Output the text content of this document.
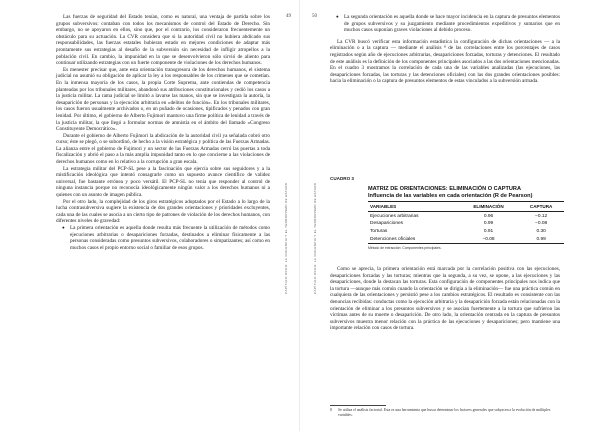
CAPÍTULO OCHO: LA VIOLENCIA Y EL TERRORISMO DE ESTADO
49

Las fuerzas de seguridad del Estado tenían, como es natural, una ventaja de partida sobre los grupos subversivos: contaban con todos los mecanismos de control del Estado de Derecho. Sin embargo, no se apoyaron en ellos, sino que, por el contrario, los consideraron frecuentemente un obstáculo para su actuación. La CVR considera que si la autoridad civil no hubiera abdicado sus responsabilidades, las fuerzas estatales hubieran estado en mejores condiciones de adaptar más prontamente sus estrategias al desafío de la subversión sin necesidad de infligir atropellos a la población civil. En cambio, la impunidad en la que se desenvolvieron sólo sirvió de aliento para continuar utilizando estrategias con un fuerte componente de violaciones de los derechos humanos.

Es menester precisar que, ante esta orientación transgresora de los derechos humanos, el sistema judicial no asumió su obligación de aplicar la ley a los responsables de los crímenes que se cometían. En la inmensa mayoría de los casos, la propia Corte Suprema, ante contiendas de competencia planteadas por los tribunales militares, abandonó sus atribuciones constitucionales y cedió los casos a la justicia militar. La rama judicial se limitó a lavarse las manos, sin que se investigara la autoría, la desaparición de personas y la ejecución arbitraria en «delitos de función». En los tribunales militares, los casos fueron usualmente archivados o, en un puñado de ocasiones, tipificados y penados con gran lenidad. Por último, el gobierno de Alberto Fujimori mantuvo una firme política de lenidad a través de la justicia militar, la que llegó a formular normas de amnistía en el ámbito del llamado «Congreso Constituyente Democrático».

Durante el gobierno de Alberto Fujimori la abdicación de la autoridad civil ya señalada cobró otro curso; éste se plegó, o se subordinó, de hecho a la visión estratégica y política de las Fuerzas Armadas. La alianza entre el gobierno de Fujimori y un sector de las Fuerzas Armadas cerró las puertas a toda fiscalización y abrió el paso a la más amplia impunidad tanto en lo que concierne a las violaciones de derechos humanos como en lo relativo a la corrupción a gran escala.

La estrategia militar del PCP-SL pese a la fascinación que ejercía sobre sus seguidores y a la mistificación ideológica que intentó consagrarle como un supuesto avance científico de validez universal, fue bastante errónea y poco versátil. El PCP-SL no tenía que responder al control de ninguna instancia porque no reconocía ideológicamente ningún valor a los derechos humanos ni a quienes con un asunto de imagen pública.

Por el otro lado, la complejidad de los giros estratégicos adoptados por el Estado a lo largo de la lucha contrasubversiva sugiere la existencia de dos grandes orientaciones y prioridades excluyentes, cada una de las cuales se asocia a un cierto tipo de patrones de violación de los derechos humanos, con diferentes niveles de gravedad:

● La primera orientación es aquella donde resulta más frecuente la utilización de métodos como ejecuciones arbitrarias o desapariciones forzadas, destinados a eliminar físicamente a las personas consideradas como presuntos subversivos, colaboradores o simpatizantes; así como en muchos casos el propio entorno social o familiar de esos grupos.
50
CAPÍTULO OCHO: LA VIOLENCIA Y EL TERRORISMO DE ESTADO
● La segunda orientación es aquella donde se hace mayor incidencia en la captura de presuntos elementos de grupos subversivos y su juzgamiento mediante procedimientos expeditivos y sumarios que en muchos casos suponían graves violaciones al debido proceso.

La CVR buscó verificar esta información estadística la configuración de dichas orientaciones — a la eliminación o a la captura — mediante el análisis ⁸ de las correlaciones entre los porcentajes de casos registrados según año de ejecuciones arbitrarias, desapariciones forzadas, torturas y detenciones. El resultado de este análisis es la definición de los componentes principales asociados a las dos orientaciones mencionadas. En el cuadro 3 mostramos la correlación de cada una de las variables analizadas (las ejecuciones, las desapariciones forzadas, las torturas y las detenciones oficiales) con las dos grandes orientaciones posibles: hacia la eliminación o la captura de presuntos elementos de estas vinculados a la subversión armada.

CUADRO 3
MATRIZ DE ORIENTACIONES: ELIMINACIÓN O CAPTURA
Influencia de las variables en cada orientación (R de Pearson)
VARIABLES	ELIMINACIÓN	CAPTURA
Ejecuciones arbitrarias	0.96	−0.12
Desapariciones	0.99	−0.08
Torturas	0.91	0.30
Detenciones oficiales	−0.08	0.99
Método de extracción: Componentes principales.

Como se aprecia, la primera orientación está marcada por la correlación positiva con las ejecuciones, desapariciones forzadas y las torturas; mientras que la segunda, a su vez, se opone, a las ejecuciones y las desapariciones, donde la destacan las torturas. Esta configuración de componentes principales nos indica que la tortura —aunque más común cuando la orientación se dirigía a la eliminación— fue una práctica común en cualquiera de las orientaciones y persistió pese a los cambios estratégicos. El resultado es consistente con las denuncias recibidas: conductas como la ejecución arbitraria y la desaparición forzada están relacionadas con la orientación de eliminar a los presuntos subversivos y se asocian fuertemente a la tortura que sufrieron las víctimas antes de su muerte o desaparición. De otro lado, la orientación centrada en la captura de presuntos subversivos muestra menor relación con la práctica de las ejecuciones y desapariciones; pero mantiene una importante relación con casos de tortura.

8 Se utiliza el análisis factorial. Esta es una herramienta que busca determinar los factores generales que subyacen a la evolución de múltiples variables.
